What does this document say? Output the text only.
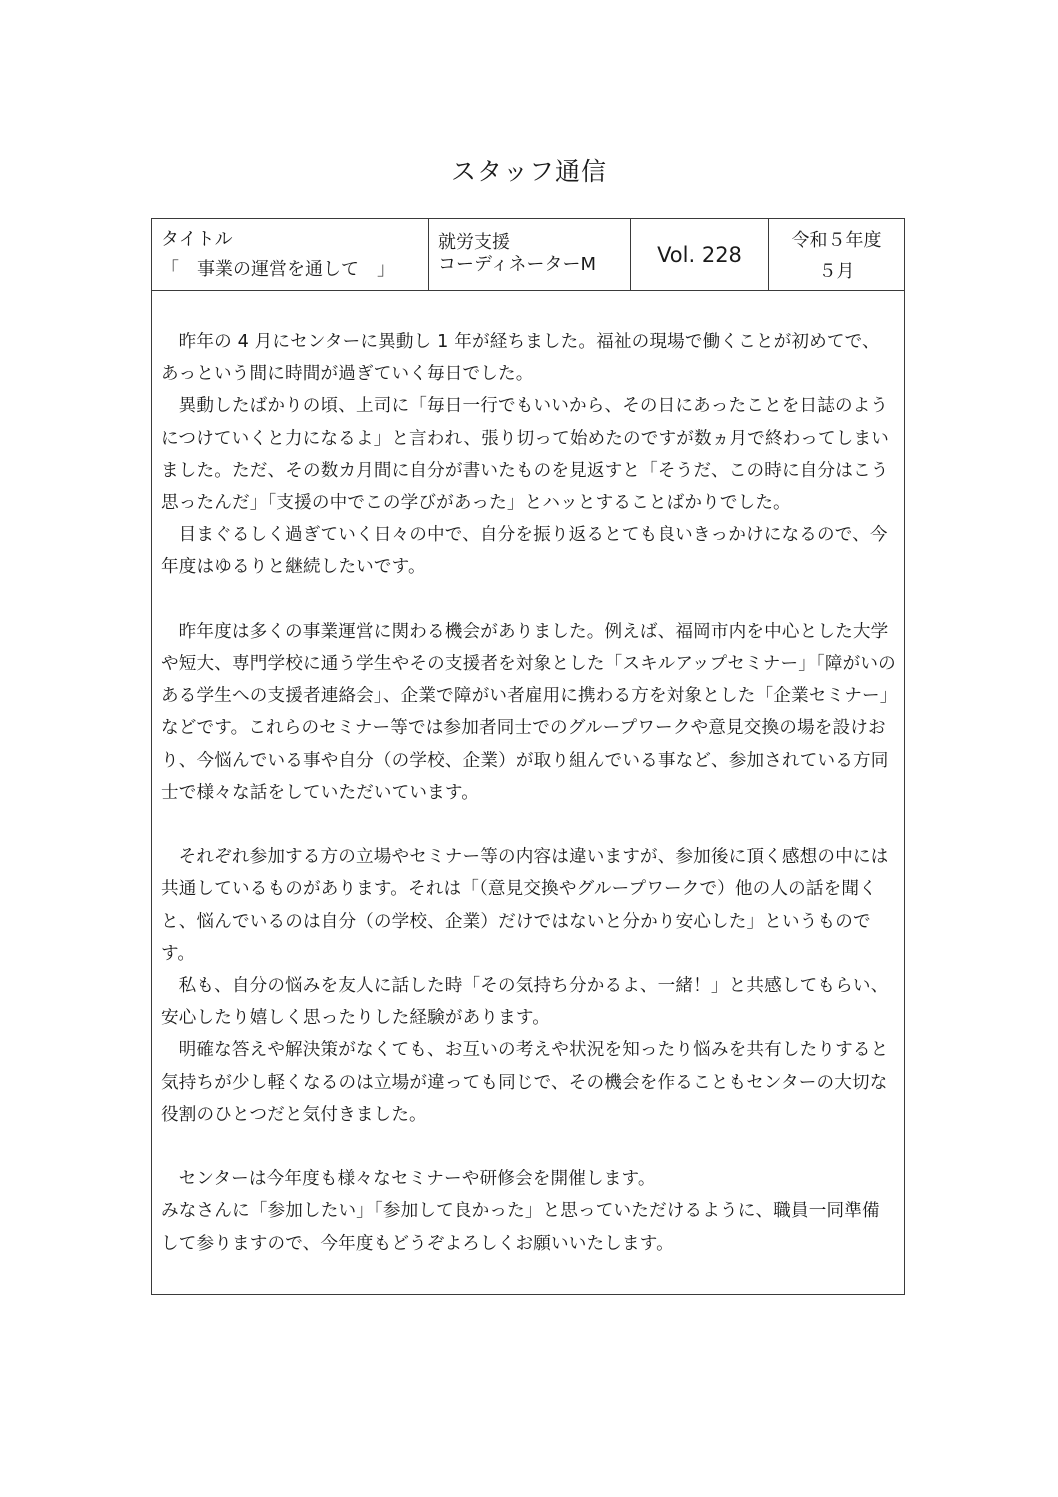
スタッフ通信
タイトル
「　事業の運営を通して　」
就労支援
コーディネーターM	Vol. 228
令和５年度
５月

昨年の 4 月にセンターに異動し 1 年が経ちました。福祉の現場で働くことが初めてで、あっという間に時間が過ぎていく毎日でした。

異動したばかりの頃、上司に「毎日一行でもいいから、その日にあったことを日誌のようにつけていくと力になるよ」と言われ、張り切って始めたのですが数ヵ月で終わってしまいました。ただ、その数カ月間に自分が書いたものを見返すと「そうだ、この時に自分はこう思ったんだ」「支援の中でこの学びがあった」とハッとすることばかりでした。

目まぐるしく過ぎていく日々の中で、自分を振り返るとても良いきっかけになるので、今年度はゆるりと継続したいです。

昨年度は多くの事業運営に関わる機会がありました。例えば、福岡市内を中心とした大学や短大、専門学校に通う学生やその支援者を対象とした「スキルアップセミナー」「障がいのある学生への支援者連絡会」、企業で障がい者雇用に携わる方を対象とした「企業セミナー」などです。これらのセミナー等では参加者同士でのグループワークや意見交換の場を設けおり、今悩んでいる事や自分（の学校、企業）が取り組んでいる事など、参加されている方同士で様々な話をしていただいています。

それぞれ参加する方の立場やセミナー等の内容は違いますが、参加後に頂く感想の中には共通しているものがあります。それは「（意見交換やグループワークで）他の人の話を聞くと、悩んでいるのは自分（の学校、企業）だけではないと分かり安心した」というものです。

私も、自分の悩みを友人に話した時「その気持ち分かるよ、一緒！」と共感してもらい、安心したり嬉しく思ったりした経験があります。

明確な答えや解決策がなくても、お互いの考えや状況を知ったり悩みを共有したりすると気持ちが少し軽くなるのは立場が違っても同じで、その機会を作ることもセンターの大切な役割のひとつだと気付きました。

センターは今年度も様々なセミナーや研修会を開催します。

みなさんに「参加したい」「参加して良かった」と思っていただけるように、職員一同準備して参りますので、今年度もどうぞよろしくお願いいたします。
